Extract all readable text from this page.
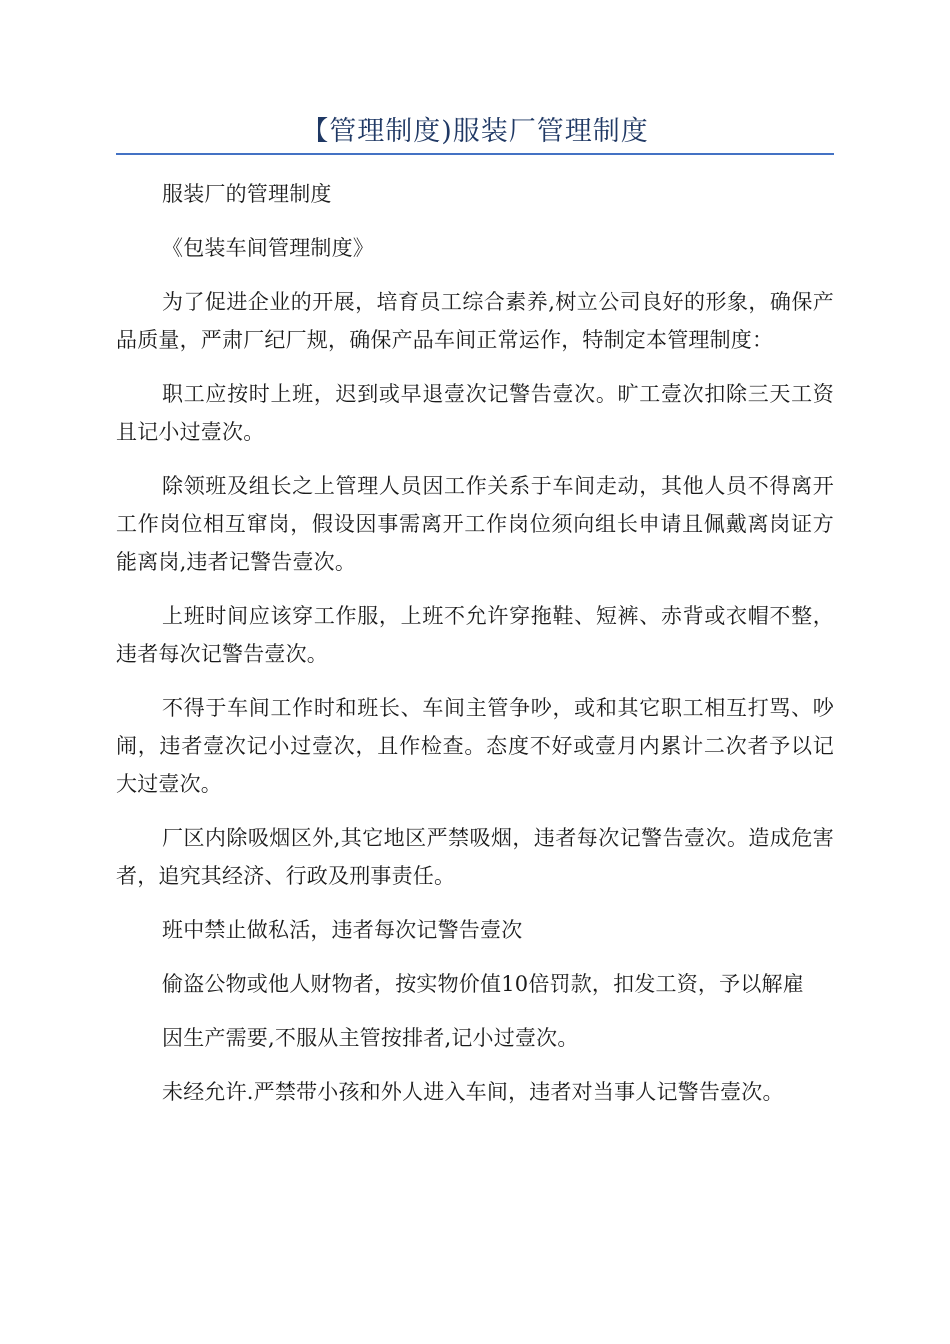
【管理制度)服装厂管理制度

服装厂的管理制度

《包装车间管理制度》

为了促进企业的开展，培育员工综合素养,树立公司良好的形象，确保产品质量，严肃厂纪厂规，确保产品车间正常运作，特制定本管理制度：

职工应按时上班，迟到或早退壹次记警告壹次。旷工壹次扣除三天工资且记小过壹次。

除领班及组长之上管理人员因工作关系于车间走动，其他人员不得离开工作岗位相互窜岗，假设因事需离开工作岗位须向组长申请且佩戴离岗证方能离岗,违者记警告壹次。

上班时间应该穿工作服，上班不允许穿拖鞋、短裤、赤背或衣帽不整，违者每次记警告壹次。

不得于车间工作时和班长、车间主管争吵，或和其它职工相互打骂、吵闹，违者壹次记小过壹次，且作检查。态度不好或壹月内累计二次者予以记大过壹次。

厂区内除吸烟区外,其它地区严禁吸烟，违者每次记警告壹次。造成危害者，追究其经济、行政及刑事责任。

班中禁止做私活，违者每次记警告壹次

偷盗公物或他人财物者，按实物价值10倍罚款，扣发工资，予以解雇

因生产需要,不服从主管按排者,记小过壹次。

未经允许.严禁带小孩和外人进入车间，违者对当事人记警告壹次。
